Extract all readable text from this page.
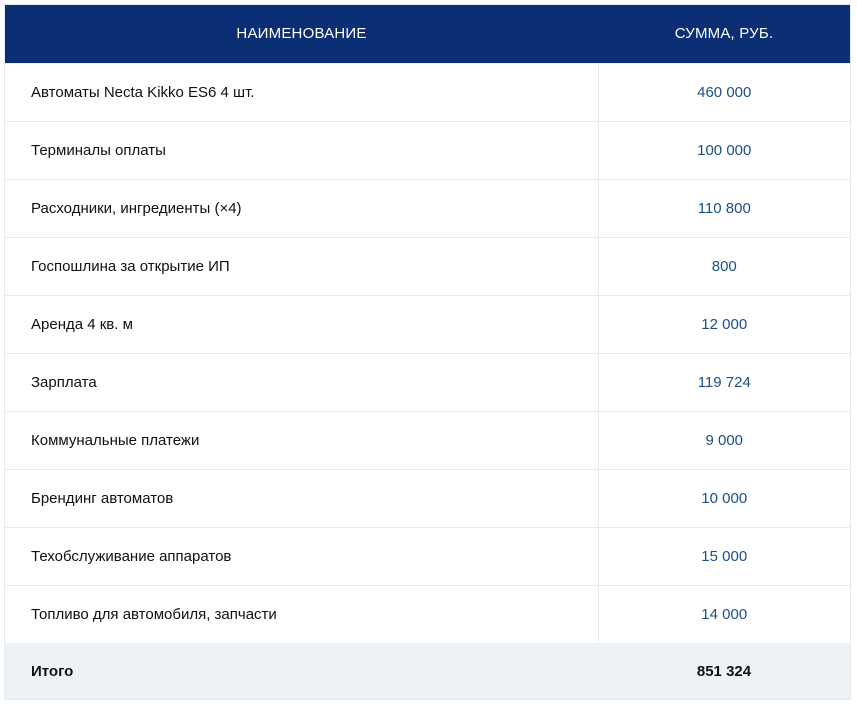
НАИМЕНОВАНИЕ	СУММА, РУБ.
Автоматы Necta Kikko ES6 4 шт.	460 000
Терминалы оплаты	100 000
Расходники, ингредиенты (×4)	110 800
Госпошлина за открытие ИП	800
Аренда 4 кв. м	12 000
Зарплата	119 724
Коммунальные платежи	9 000
Брендинг автоматов	10 000
Техобслуживание аппаратов	15 000
Топливо для автомобиля, запчасти	14 000
Итого	851 324
